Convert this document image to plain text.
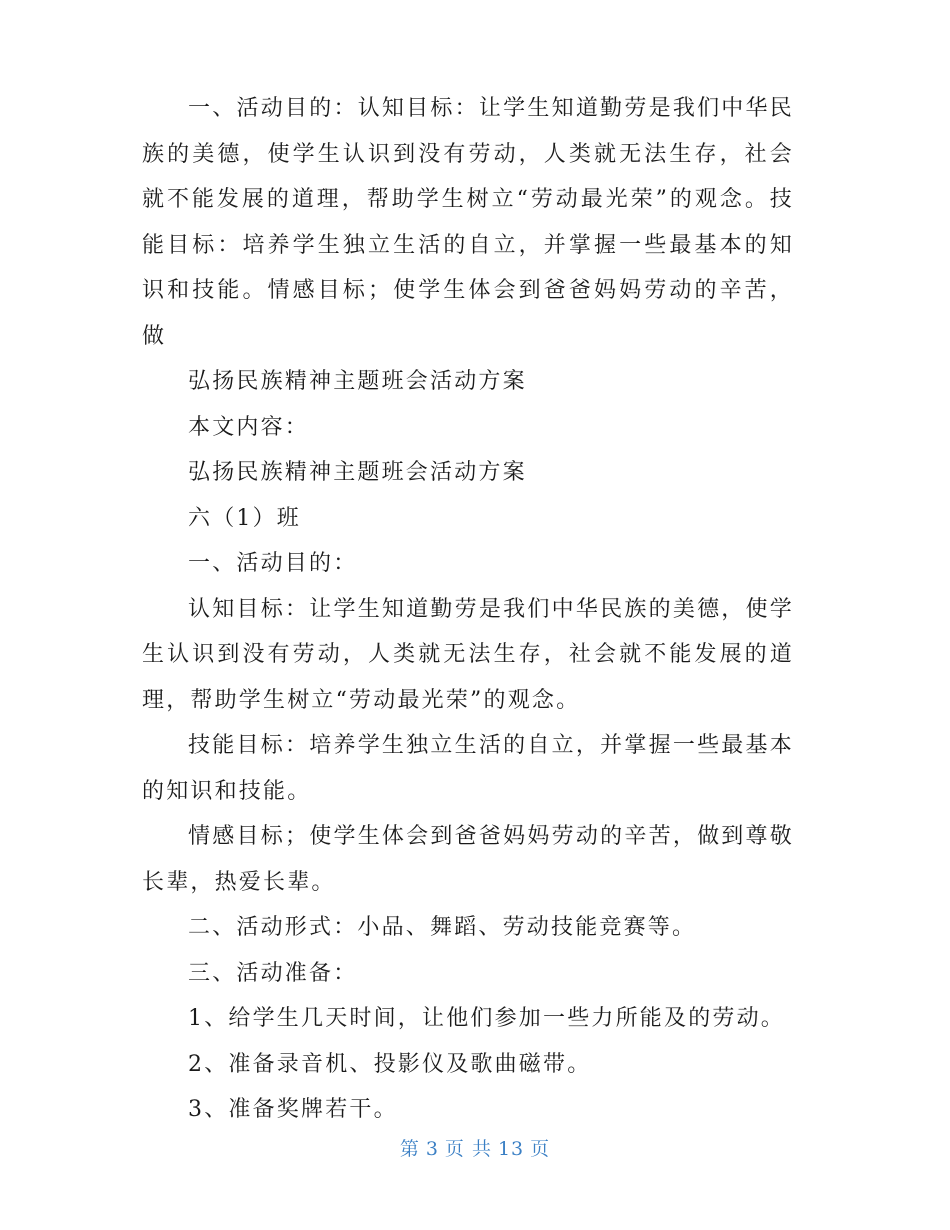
一、活动目的：认知目标：让学生知道勤劳是我们中华民族的美德，使学生认识到没有劳动，人类就无法生存，社会就不能发展的道理，帮助学生树立“劳动最光荣”的观念。技能目标：培养学生独立生活的自立，并掌握一些最基本的知识和技能。情感目标；使学生体会到爸爸妈妈劳动的辛苦，做

弘扬民族精神主题班会活动方案

本文内容：

弘扬民族精神主题班会活动方案

六（1）班

一、活动目的：

认知目标：让学生知道勤劳是我们中华民族的美德，使学生认识到没有劳动，人类就无法生存，社会就不能发展的道理，帮助学生树立“劳动最光荣”的观念。

技能目标：培养学生独立生活的自立，并掌握一些最基本的知识和技能。

情感目标；使学生体会到爸爸妈妈劳动的辛苦，做到尊敬长辈，热爱长辈。

二、活动形式：小品、舞蹈、劳动技能竞赛等。

三、活动准备：

1、给学生几天时间，让他们参加一些力所能及的劳动。

2、准备录音机、投影仪及歌曲磁带。

3、准备奖牌若干。

第 3 页 共 13 页
